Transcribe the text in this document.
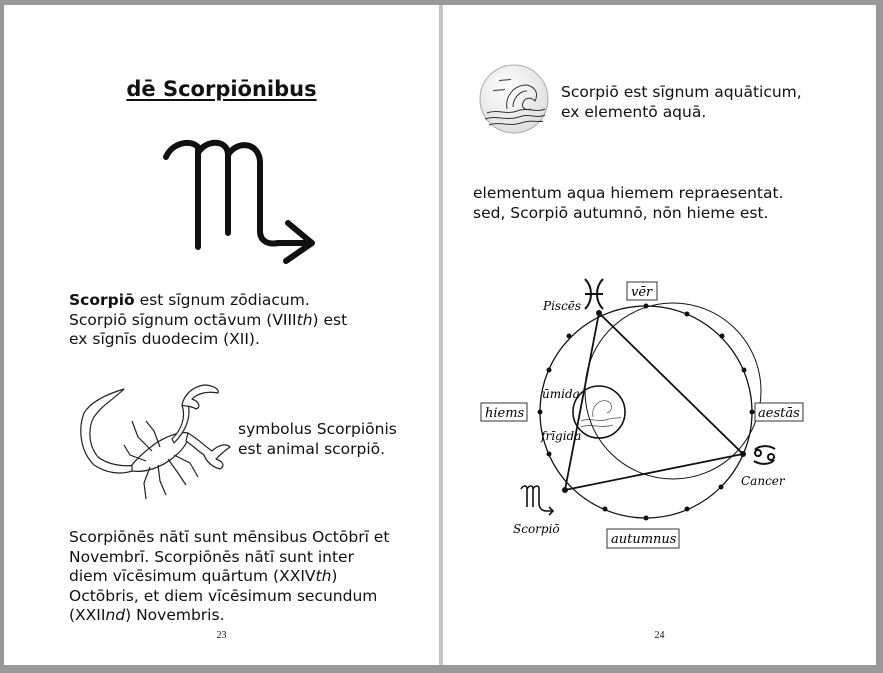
dē Scorpiōnibus
Scorpiō est sīgnum zōdiacum.
Scorpiō sīgnum octāvum (VIIIth) est
ex sīgnīs duodecim (XII).
symbolus Scorpiōnis
est animal scorpiō.
Scorpiōnēs nātī sunt mēnsibus Octōbrī et
Novembrī. Scorpiōnēs nātī sunt inter
diem vīcēsimum quārtum (XXIVth)
Octōbris, et diem vīcēsimum secundum
(XXIInd) Novembris.
23
Scorpiō est sīgnum aquāticum,
ex elementō aquā.
elementum aqua hiemem repraesentat.
sed, Scorpiō autumnō, nōn hieme est.
Piscēs
Cancer
Scorpiō
ūmida
frīgida
vēr
aestās
autumnus
hiems
24
